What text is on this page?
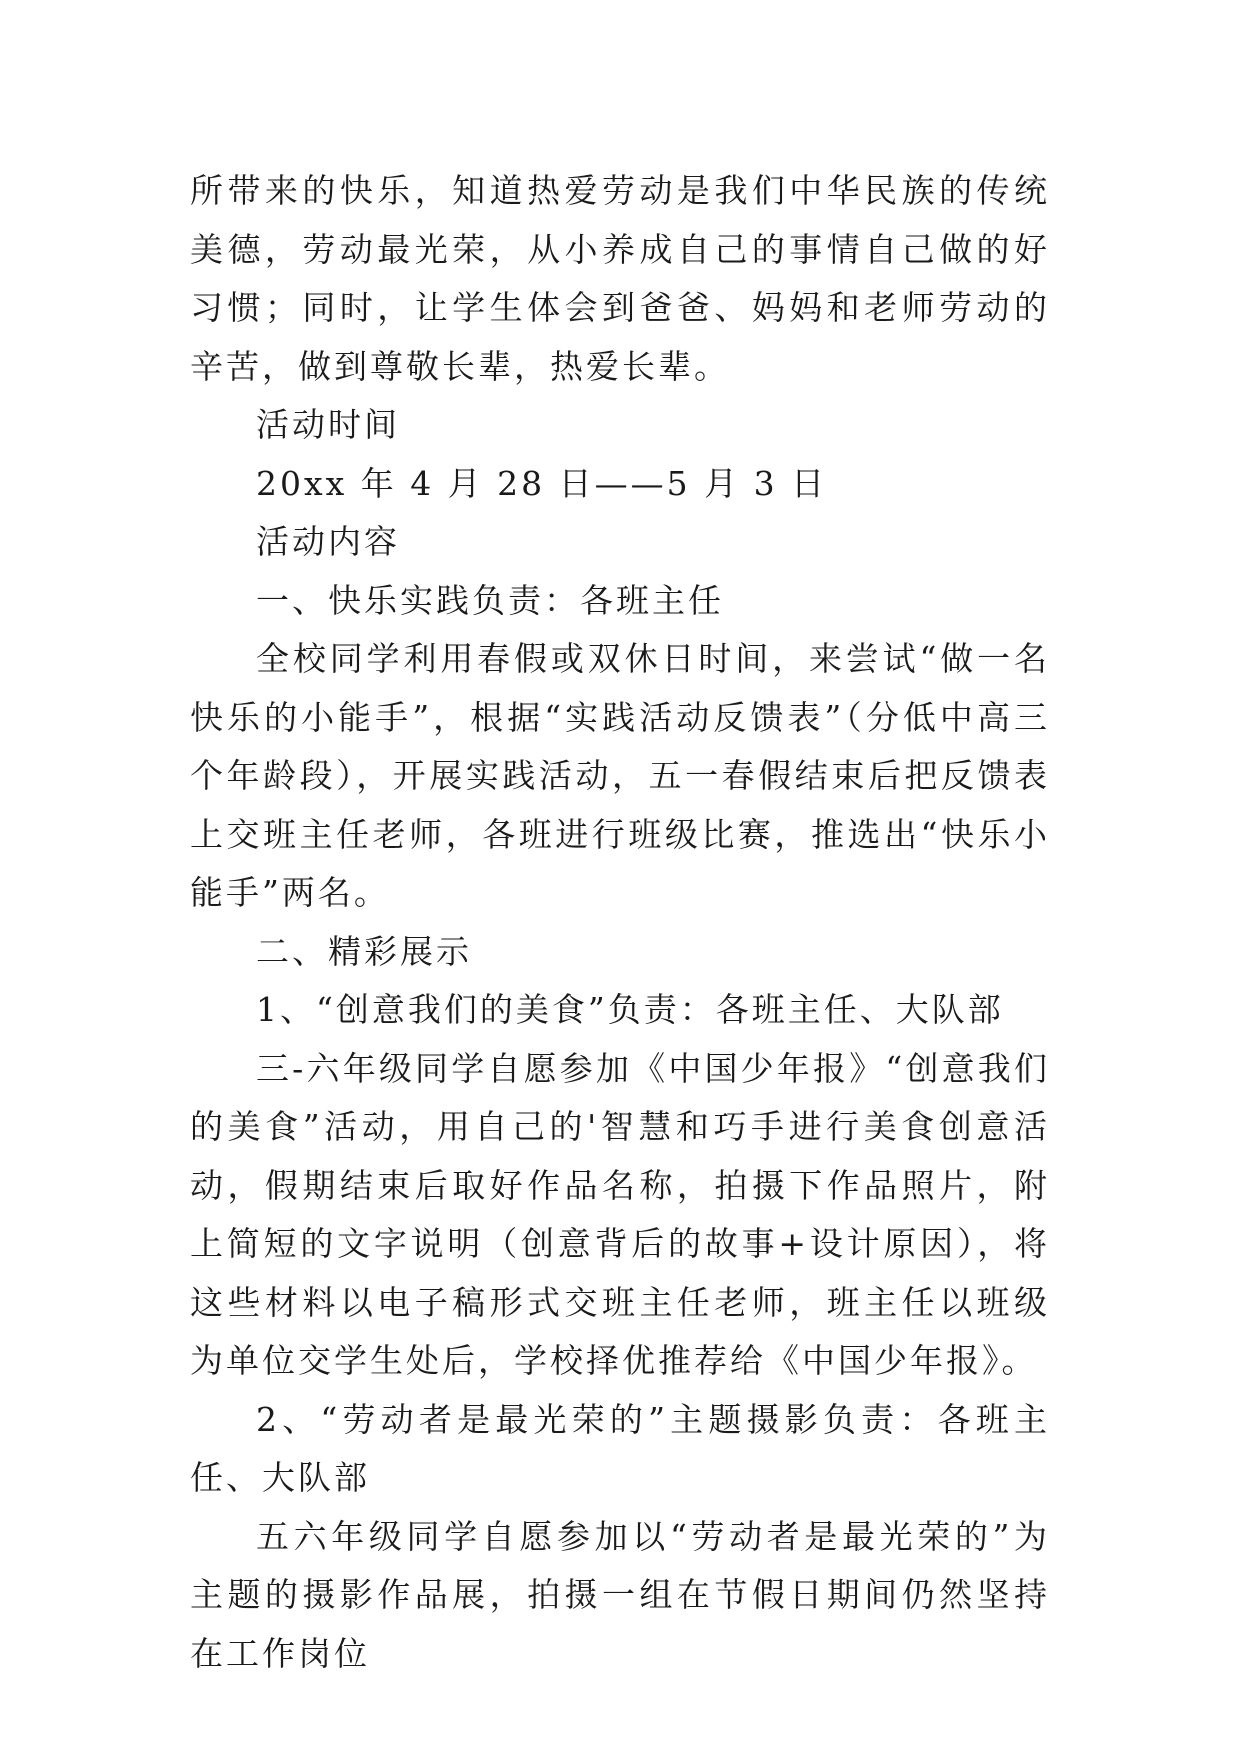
所带来的快乐，知道热爱劳动是我们中华民族的传统美德，劳动最光荣，从小养成自己的事情自己做的好习惯；同时，让学生体会到爸爸、妈妈和老师劳动的辛苦，做到尊敬长辈，热爱长辈。

活动时间

20xx 年 4 月 28 日——5 月 3 日

活动内容

一、快乐实践负责：各班主任

全校同学利用春假或双休日时间，来尝试“做一名快乐的小能手”，根据“实践活动反馈表”（分低中高三个年龄段），开展实践活动，五一春假结束后把反馈表上交班主任老师，各班进行班级比赛，推选出“快乐小能手”两名。

二、精彩展示

1、“创意我们的美食”负责：各班主任、大队部

三-六年级同学自愿参加《中国少年报》“创意我们的美食”活动，用自己的'智慧和巧手进行美食创意活动，假期结束后取好作品名称，拍摄下作品照片，附上简短的文字说明（创意背后的故事+设计原因），将这些材料以电子稿形式交班主任老师，班主任以班级为单位交学生处后，学校择优推荐给《中国少年报》。

2、“劳动者是最光荣的”主题摄影负责：各班主任、大队部

五六年级同学自愿参加以“劳动者是最光荣的”为主题的摄影作品展，拍摄一组在节假日期间仍然坚持在工作岗位
